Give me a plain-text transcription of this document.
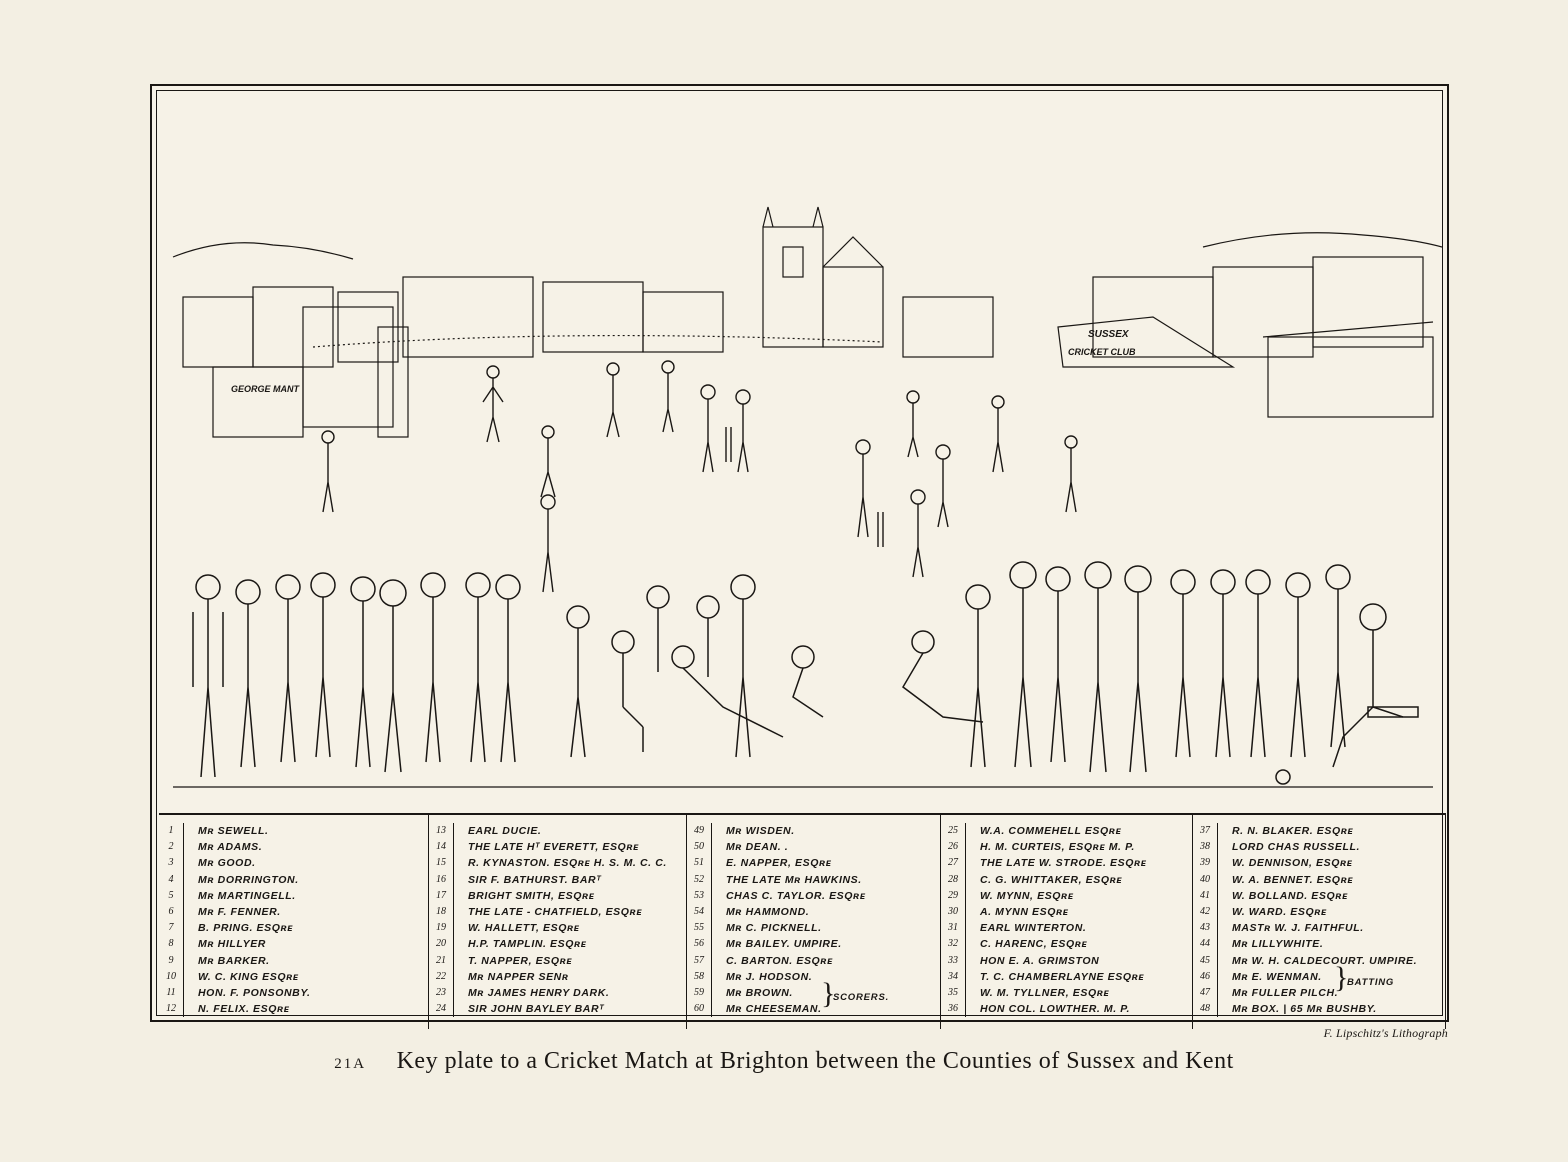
GEORGE MANT
SUSSEX
CRICKET CLUB
1	Mʀ SEWELL.
2	Mʀ ADAMS.
3	Mʀ GOOD.
4	Mʀ DORRINGTON.
5	Mʀ MARTINGELL.
6	Mʀ F. FENNER.
7	B. PRING. ESQʀᴇ
8	Mʀ HILLYER
9	Mʀ BARKER.
10	W. C. KING ESQʀᴇ
11	HON. F. PONSONBY.
12	N. FELIX. ESQʀᴇ
13	EARL DUCIE.
14	THE LATE Hᵀ EVERETT, ESQʀᴇ
15	R. KYNASTON. ESQʀᴇ H. S. M. C. C.
16	SIR F. BATHURST. BARᵀ
17	BRIGHT SMITH, ESQʀᴇ
18	THE LATE - CHATFIELD, ESQʀᴇ
19	W. HALLETT, ESQʀᴇ
20	H.P. TAMPLIN. ESQʀᴇ
21	T. NAPPER, ESQʀᴇ
22	Mʀ NAPPER SENʀ
23	Mʀ JAMES HENRY DARK.
24	SIR JOHN BAYLEY BARᵀ
49	Mʀ WISDEN.
50	Mʀ DEAN. .
51	E. NAPPER, ESQʀᴇ
52	THE LATE Mʀ HAWKINS.
53	CHAS C. TAYLOR. ESQʀᴇ
54	Mʀ HAMMOND.
55	Mʀ C. PICKNELL.
56	Mʀ BAILEY. UMPIRE.
57	C. BARTON. ESQʀᴇ
58	Mʀ J. HODSON.
59	Mʀ BROWN.
60	Mʀ CHEESEMAN.
25	W.A. COMMEHELL ESQʀᴇ
26	H. M. CURTEIS, ESQʀᴇ M. P.
27	THE LATE W. STRODE. ESQʀᴇ
28	C. G. WHITTAKER, ESQʀᴇ
29	W. MYNN, ESQʀᴇ
30	A. MYNN ESQʀᴇ
31	EARL WINTERTON.
32	C. HARENC, ESQʀᴇ
33	HON E. A. GRIMSTON
34	T. C. CHAMBERLAYNE ESQʀᴇ
35	W. M. TYLLNER, ESQʀᴇ
36	HON COL. LOWTHER. M. P.
37	R. N. BLAKER. ESQʀᴇ
38	LORD CHAS RUSSELL.
39	W. DENNISON, ESQʀᴇ
40	W. A. BENNET. ESQʀᴇ
41	W. BOLLAND. ESQʀᴇ
42	W. WARD. ESQʀᴇ
43	MASTʀ W. J. FAITHFUL.
44	Mʀ LILLYWHITE.
45	Mʀ W. H. CALDECOURT. UMPIRE.
46	Mʀ E. WENMAN.
47	Mʀ FULLER PILCH.
48	Mʀ BOX. | 65 Mʀ BUSHBY.
}
SCORERS.
}
BATTING
F. Lipschitz's Lithograph
21A Key plate to a Cricket Match at Brighton between the Counties of Sussex and Kent
